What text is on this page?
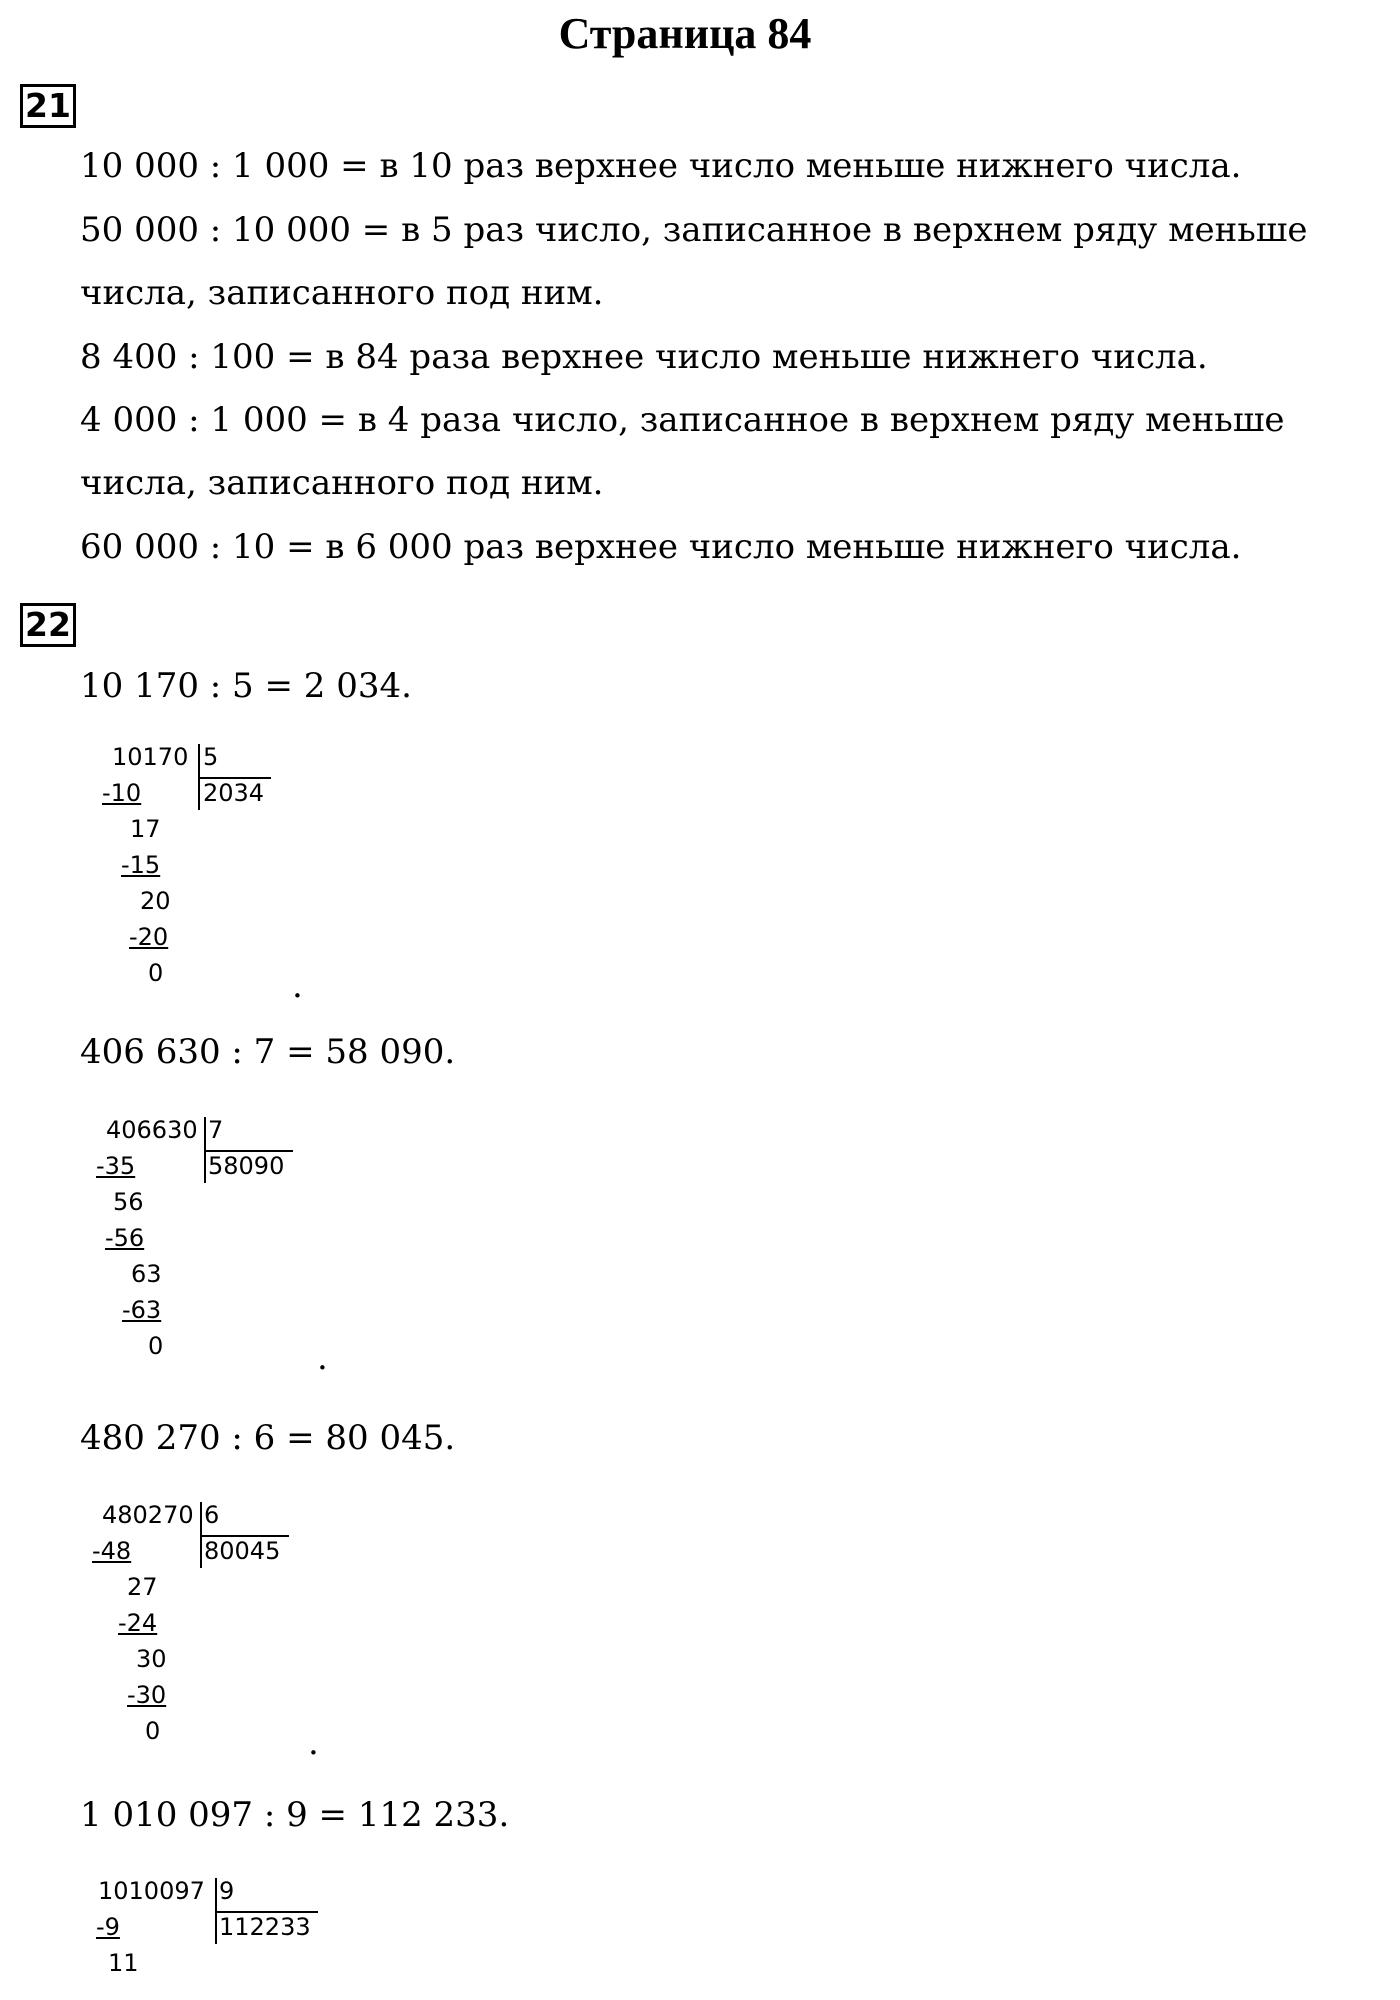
Страница 84
21
10 000 : 1 000 = в 10 раз верхнее число меньше нижнего числа.
50 000 : 10 000 = в 5 раз число, записанное в верхнем ряду меньше
числа, записанного под ним.
8 400 : 100 = в 84 раза верхнее число меньше нижнего числа.
4 000 : 1 000 = в 4 раза число, записанное в верхнем ряду меньше
числа, записанного под ним.
60 000 : 10 = в 6 000 раз верхнее число меньше нижнего числа.
22
10 170 : 5 = 2 034.
10170 5
2034
-10
17
-15
20
-20
0	.
406 630 : 7 = 58 090.
406630 7
58090
-35
56
-56
63
-63
0	.
480 270 : 6 = 80 045.
480270 6
80045
-48
27
-24
30
-30
0	.
1 010 097 : 9 = 112 233.
1010097 9
112233
-9
11
